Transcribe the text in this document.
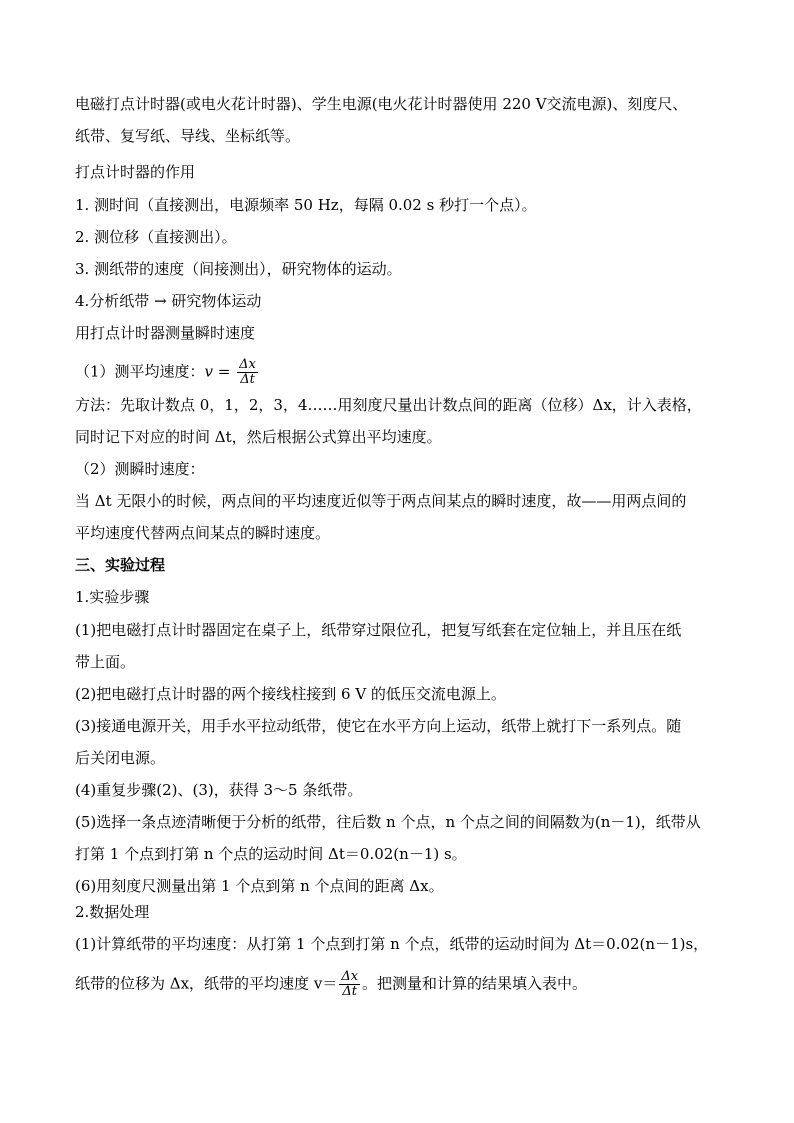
电磁打点计时器(或电火花计时器)、学生电源(电火花计时器使用 220 V交流电源)、刻度尺、
纸带、复写纸、导线、坐标纸等。
打点计时器的作用
1. 测时间（直接测出，电源频率 50 Hz，每隔 0.02 s 秒打一个点）。
2. 测位移（直接测出）。
3. 测纸带的速度（间接测出），研究物体的运动。
4.分析纸带 → 研究物体运动
用打点计时器测量瞬时速度
（1）测平均速度：$v = \frac{\Delta x}{\Delta t}$
方法：先取计数点 0，1，2，3，4……用刻度尺量出计数点间的距离（位移）Δx，计入表格，
同时记下对应的时间 Δt，然后根据公式算出平均速度。
（2）测瞬时速度：
当 Δt 无限小的时候，两点间的平均速度近似等于两点间某点的瞬时速度，故——用两点间的
平均速度代替两点间某点的瞬时速度。
三、实验过程
1.实验步骤
(1)把电磁打点计时器固定在桌子上，纸带穿过限位孔，把复写纸套在定位轴上，并且压在纸
带上面。
(2)把电磁打点计时器的两个接线柱接到 6 V 的低压交流电源上。
(3)接通电源开关，用手水平拉动纸带，使它在水平方向上运动，纸带上就打下一系列点。随
后关闭电源。
(4)重复步骤(2)、(3)，获得 3～5 条纸带。
(5)选择一条点迹清晰便于分析的纸带，往后数 n 个点，n 个点之间的间隔数为(n－1)，纸带从
打第 1 个点到打第 n 个点的运动时间 Δt＝0.02(n－1) s。
(6)用刻度尺测量出第 1 个点到第 n 个点间的距离 Δx。
2.数据处理
(1)计算纸带的平均速度：从打第 1 个点到打第 n 个点，纸带的运动时间为 Δt＝0.02(n－1)s，
纸带的位移为 Δx，纸带的平均速度 $v= \frac{\Delta x}{\Delta t}$ 。把测量和计算的结果填入表中。
